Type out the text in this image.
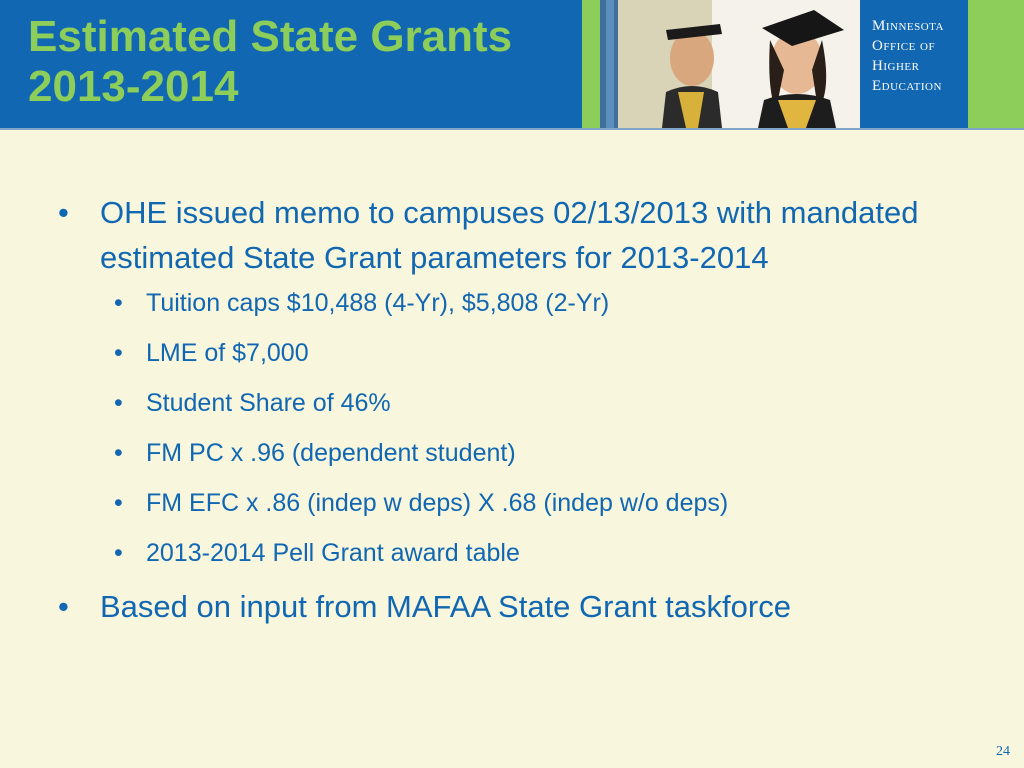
Estimated State Grants
2013-2014
Minnesota
Office of
Higher
Education
• OHE issued memo to campuses 02/13/2013 with mandated estimated State Grant parameters for 2013-2014
• Tuition caps $10,488 (4-Yr), $5,808 (2-Yr)
• LME of $7,000
• Student Share of 46%
• FM PC x .96 (dependent student)
• FM EFC x .86 (indep w deps) X .68 (indep w/o deps)
• 2013-2014 Pell Grant award table
• Based on input from MAFAA State Grant taskforce
24
